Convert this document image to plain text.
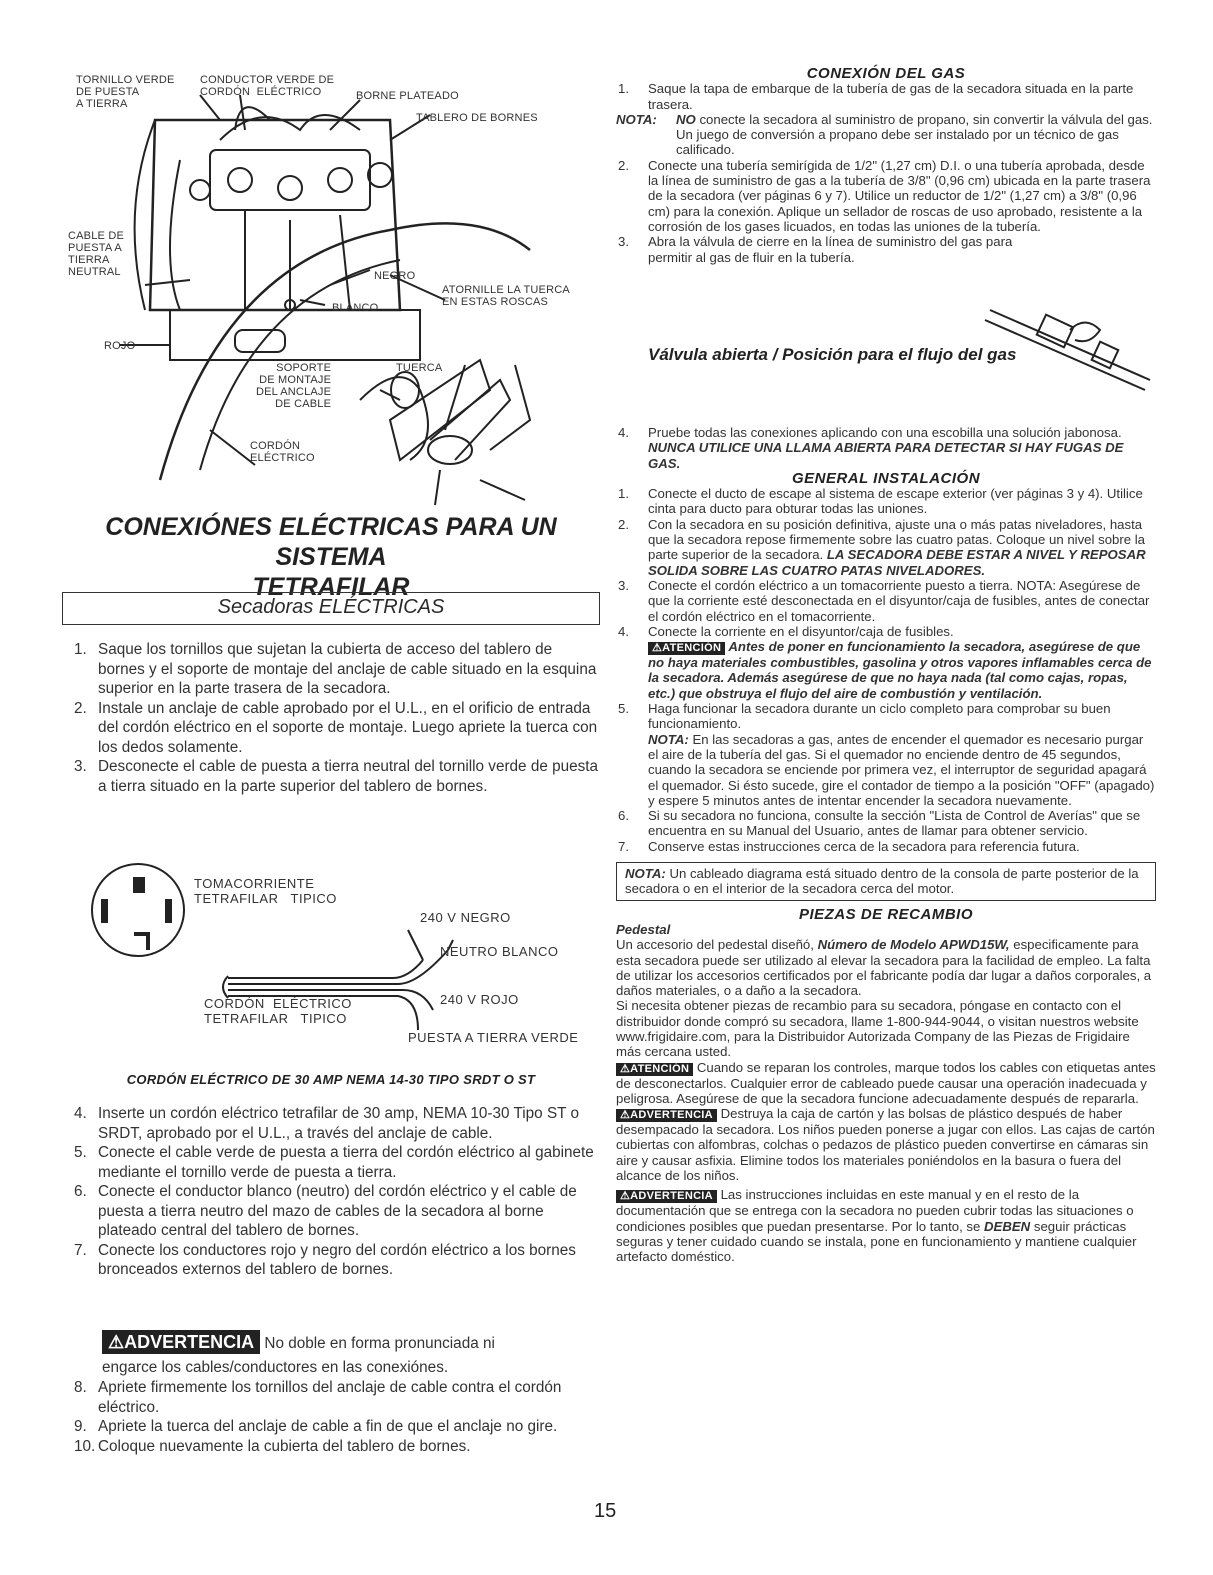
TORNILLO VERDE
DE PUESTA
A TIERRA
CONDUCTOR VERDE DE
CORDÓN  ELÉCTRICO	BORNE PLATEADO
TABLERO DE BORNES
CABLE DE
PUESTA A
TIERRA
NEUTRAL	NEGRO
ATORNILLE LA TUERCA
EN ESTAS ROSCAS
BLANCO
ROJO
TUERCA
SOPORTE
DE MONTAJE
DEL ANCLAJE
DE CABLE
CORDÓN
ELÉCTRICO
CONEXIÓNES ELÉCTRICAS PARA UN SISTEMA
TETRAFILAR
Secadoras ELÉCTRICAS
1. Saque los tornillos que sujetan la cubierta de acceso del tablero de bornes y el soporte de montaje del anclaje de cable situado en la esquina superior en la parte trasera de la secadora.
2. Instale un anclaje de cable aprobado por el U.L., en el orificio de entrada del cordón eléctrico en el soporte de montaje. Luego apriete la tuerca con los dedos solamente.
3. Desconecte el cable de puesta a tierra neutral del tornillo verde de puesta a tierra situado en la parte superior del tablero de bornes.
TOMACORRIENTE
TETRAFILAR   TIPICO
240 V NEGRO
NEUTRO BLANCO
240 V ROJO
CORDÓN  ELÉCTRICO
TETRAFILAR   TIPICO
PUESTA A TIERRA VERDE
CORDÓN ELÉCTRICO DE 30 AMP NEMA 14-30 TIPO SRDT O ST
4. Inserte un cordón eléctrico tetrafilar de 30 amp, NEMA 10-30 Tipo ST o SRDT, aprobado por el U.L., a través del anclaje de cable.
5. Conecte el cable verde de puesta a tierra del cordón eléctrico al gabinete mediante el tornillo verde de puesta a tierra.
6. Conecte el conductor blanco (neutro) del cordón eléctrico y el cable de puesta a tierra neutro del mazo de cables de la secadora al borne plateado central del tablero de bornes.
7. Conecte los conductores rojo y negro del cordón eléctrico a los bornes bronceados externos del tablero de bornes.
⚠ADVERTENCIA No doble en forma pronunciada ni
engarce los cables/conductores en las conexiónes.
8. Apriete firmemente los tornillos del anclaje de cable contra el cordón eléctrico.
9. Apriete la tuerca del anclaje de cable a fin de que el anclaje no gire.
10. Coloque nuevamente la cubierta del tablero de bornes.
CONEXIÓN DEL GAS
1. Saque la tapa de embarque de la tubería de gas de la secadora situada en la parte trasera.
NOTA: NO conecte la secadora al suministro de propano, sin convertir la válvula del gas. Un juego de conversión a propano debe ser instalado por un técnico de gas calificado.
2. Conecte una tubería semirígida de 1/2" (1,27 cm) D.I. o una tubería aprobada, desde la línea de suministro de gas a la tubería de 3/8" (0,96 cm) ubicada en la parte trasera de la secadora (ver páginas 6 y 7). Utilice un reductor de 1/2" (1,27 cm) a 3/8" (0,96 cm) para la conexión. Aplique un sellador de roscas de uso aprobado, resistente a la corrosión de los gases licuados, en todas las uniones de la tubería.
3. Abra la válvula de cierre en la línea de suministro del gas para permitir al gas de fluir en la tubería.
Válvula abierta / Posición para el flujo del gas
4. Pruebe todas las conexiones aplicando con una escobilla una solución jabonosa. NUNCA UTILICE UNA LLAMA ABIERTA PARA DETECTAR SI HAY FUGAS DE GAS.
GENERAL INSTALACIÓN
1. Conecte el ducto de escape al sistema de escape exterior (ver páginas 3 y 4). Utilice cinta para ducto para obturar todas las uniones.
2. Con la secadora en su posición definitiva, ajuste una o más patas niveladores, hasta que la secadora repose firmemente sobre las cuatro patas. Coloque un nivel sobre la parte superior de la secadora. LA SECADORA DEBE ESTAR A NIVEL Y REPOSAR SOLIDA SOBRE LAS CUATRO PATAS NIVELADORES.
3. Conecte el cordón eléctrico a un tomacorriente puesto a tierra. NOTA: Asegúrese de que la corriente esté desconectada en el disyuntor/caja de fusibles, antes de conectar el cordón eléctrico en el tomacorriente.
4. Conecte la corriente en el disyuntor/caja de fusibles.
⚠ATENCIÓN Antes de poner en funcionamiento la secadora, asegúrese de que no haya materiales combustibles, gasolina y otros vapores inflamables cerca de la secadora. Además asegúrese de que no haya nada (tal como cajas, ropas, etc.) que obstruya el flujo del aire de combustión y ventilación.
5. Haga funcionar la secadora durante un ciclo completo para comprobar su buen funcionamiento.
NOTA: En las secadoras a gas, antes de encender el quemador es necesario purgar el aire de la tubería del gas. Si el quemador no enciende dentro de 45 segundos, cuando la secadora se enciende por primera vez, el interruptor de seguridad apagará el quemador. Si ésto sucede, gire el contador de tiempo a la posición "OFF" (apagado) y espere 5 minutos antes de intentar encender la secadora nuevamente.
6. Si su secadora no funciona, consulte la sección "Lista de Control de Averías" que se encuentra en su Manual del Usuario, antes de llamar para obtener servicio.
7. Conserve estas instrucciones cerca de la secadora para referencia futura.
NOTA: Un cableado diagrama está situado dentro de la consola de parte posterior de la secadora o en el interior de la secadora cerca del motor.
PIEZAS DE RECAMBIO
Pedestal
Un accesorio del pedestal diseñó, Número de Modelo APWD15W, especificamente para esta secadora puede ser utilizado al elevar la secadora para la facilidad de empleo. La falta de utilizar los accesorios certificados por el fabricante podía dar lugar a daños corporales, a daños materiales, o a daño a la secadora.
Si necesita obtener piezas de recambio para su secadora, póngase en contacto con el distribuidor donde compró su secadora, llame 1-800-944-9044, o visitan nuestros website www.frigidaire.com, para la Distribuidor Autorizada Company de las Piezas de Frigidaire más cercana usted.
⚠ATENCIÓN Cuando se reparan los controles, marque todos los cables con etiquetas antes de desconectarlos. Cualquier error de cableado puede causar una operación inadecuada y peligrosa. Asegúrese de que la secadora funcione adecuadamente después de repararla.
⚠ADVERTENCIA Destruya la caja de cartón y las bolsas de plástico después de haber desempacado la secadora. Los niños pueden ponerse a jugar con ellos. Las cajas de cartón cubiertas con alfombras, colchas o pedazos de plástico pueden convertirse en cámaras sin aire y causar asfixia. Elimine todos los materiales poniéndolos en la basura o fuera del alcance de los niños.
⚠ADVERTENCIA Las instrucciones incluidas en este manual y en el resto de la documentación que se entrega con la secadora no pueden cubrir todas las situaciones o condiciones posibles que puedan presentarse. Por lo tanto, se DEBEN seguir prácticas seguras y tener cuidado cuando se instala, pone en funcionamiento y mantiene cualquier artefacto doméstico.
15
